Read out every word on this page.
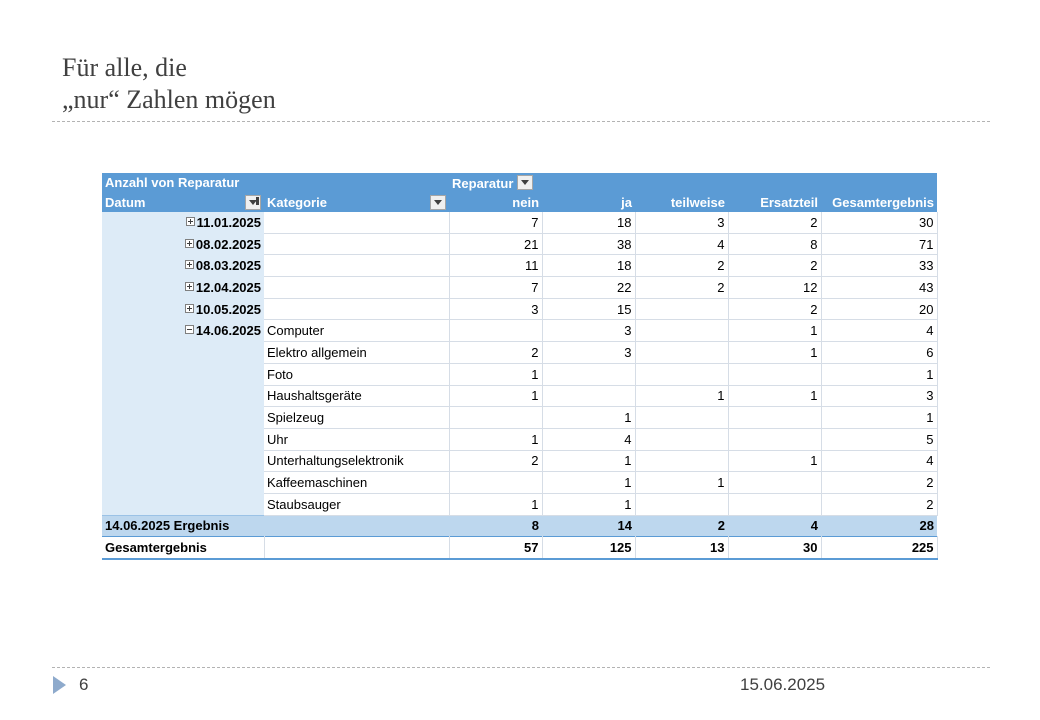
Für alle, die
„nur“ Zahlen mögen
Anzahl von Reparatur		Reparatur				

Datum	Kategorie	nein	ja	teilweise	Ersatzteil	Gesamtergebnis
11.01.2025		7	18	3	2	30
08.02.2025		21	38	4	8	71
08.03.2025		11	18	2	2	33
12.04.2025		7	22	2	12	43
10.05.2025		3	15		2	20
14.06.2025	Computer		3		1	4
	Elektro allgemein	2	3		1	6
	Foto	1				1
	Haushaltsgeräte	1		1	1	3
	Spielzeug		1			1
	Uhr	1	4			5
	Unterhaltungselektronik	2	1		1	4
	Kaffeemaschinen		1	1		2
	Staubsauger	1	1			2
14.06.2025 Ergebnis		8	14	2	4	28
Gesamtergebnis		57	125	13	30	225
6	15.06.2025
